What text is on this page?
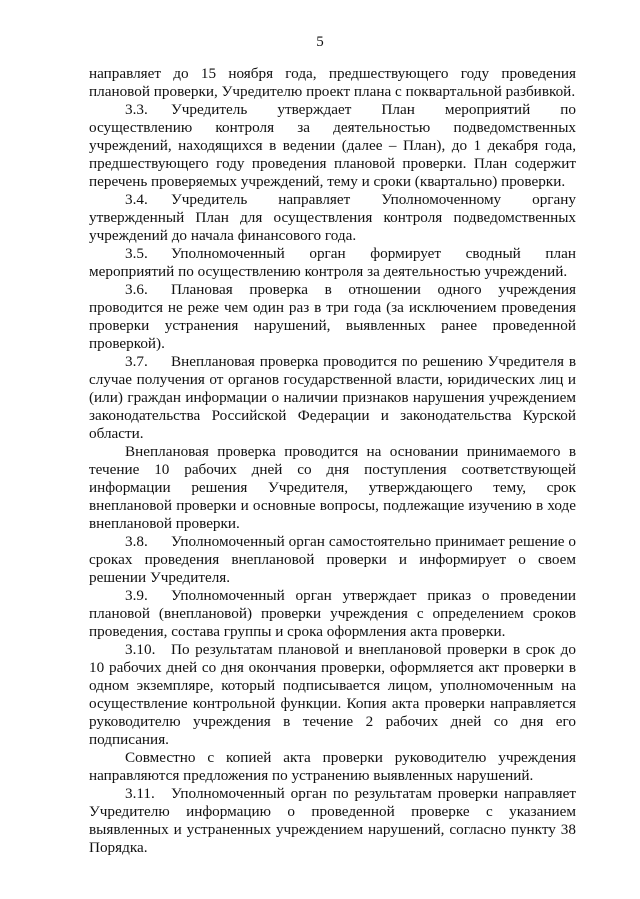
5

направляет до 15 ноября года, предшествующего году проведения плановой проверки, Учредителю проект плана с поквартальной разбивкой.

3.3. Учредитель утверждает План мероприятий по осуществлению контроля за деятельностью подведомственных учреждений, находящихся в ведении (далее – План), до 1 декабря года, предшествующего году проведения плановой проверки. План содержит перечень проверяемых учреждений, тему и сроки (квартально) проверки.

3.4. Учредитель направляет Уполномоченному органу утвержденный План для осуществления контроля подведомственных учреждений до начала финансового года.

3.5. Уполномоченный орган формирует сводный план мероприятий по осуществлению контроля за деятельностью учреждений.

3.6. Плановая проверка в отношении одного учреждения проводится не реже чем один раз в три года (за исключением проведения проверки устранения нарушений, выявленных ранее проведенной проверкой).

3.7. Внеплановая проверка проводится по решению Учредителя в случае получения от органов государственной власти, юридических лиц и (или) граждан информации о наличии признаков нарушения учреждением законодательства Российской Федерации и законодательства Курской области.

Внеплановая проверка проводится на основании принимаемого в течение 10 рабочих дней со дня поступления соответствующей информации решения Учредителя, утверждающего тему, срок внеплановой проверки и основные вопросы, подлежащие изучению в ходе внеплановой проверки.

3.8. Уполномоченный орган самостоятельно принимает решение о сроках проведения внеплановой проверки и информирует о своем решении Учредителя.

3.9. Уполномоченный орган утверждает приказ о проведении плановой (внеплановой) проверки учреждения с определением сроков проведения, состава группы и срока оформления акта проверки.

3.10. По результатам плановой и внеплановой проверки в срок до 10 рабочих дней со дня окончания проверки, оформляется акт проверки в одном экземпляре, который подписывается лицом, уполномоченным на осуществление контрольной функции. Копия акта проверки направляется руководителю учреждения в течение 2 рабочих дней со дня его подписания.

Совместно с копией акта проверки руководителю учреждения направляются предложения по устранению выявленных нарушений.

3.11. Уполномоченный орган по результатам проверки направляет Учредителю информацию о проведенной проверке с указанием выявленных и устраненных учреждением нарушений, согласно пункту 38 Порядка.
